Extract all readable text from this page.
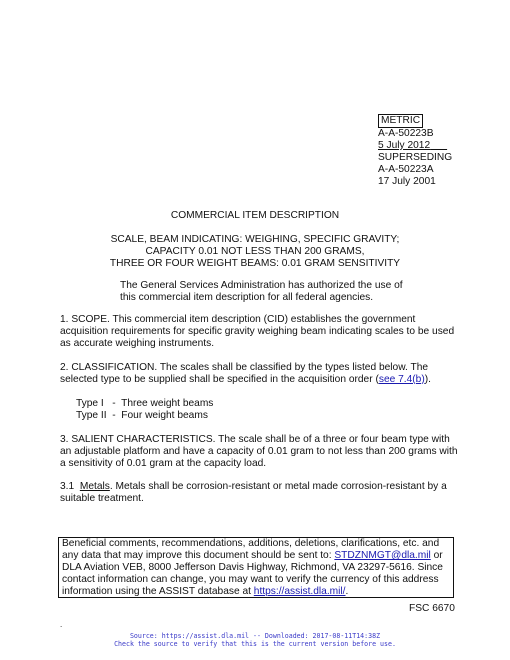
METRIC
A-A-50223B
5 July 2012
SUPERSEDING
A-A-50223A
17 July 2001
COMMERCIAL ITEM DESCRIPTION
SCALE, BEAM INDICATING: WEIGHING, SPECIFIC GRAVITY;
CAPACITY 0.01 NOT LESS THAN 200 GRAMS,
THREE OR FOUR WEIGHT BEAMS: 0.01 GRAM SENSITIVITY
The General Services Administration has authorized the use of this commercial item description for all federal agencies.
1. SCOPE. This commercial item description (CID) establishes the government acquisition requirements for specific gravity weighing beam indicating scales to be used as accurate weighing instruments.
2. CLASSIFICATION. The scales shall be classified by the types listed below. The selected type to be supplied shall be specified in the acquisition order (see 7.4(b)).
Type I   -  Three weight beams
Type II  -  Four weight beams
3. SALIENT CHARACTERISTICS. The scale shall be of a three or four beam type with an adjustable platform and have a capacity of 0.01 gram to not less than 200 grams with a sensitivity of 0.01 gram at the capacity load.
3.1 Metals. Metals shall be corrosion-resistant or metal made corrosion-resistant by a suitable treatment.
Beneficial comments, recommendations, additions, deletions, clarifications, etc. and any data that may improve this document should be sent to: STDZNMGT@dla.mil or DLA Aviation VEB, 8000 Jefferson Davis Highway, Richmond, VA 23297-5616. Since contact information can change, you may want to verify the currency of this address information using the ASSIST database at https://assist.dla.mil/.
FSC 6670
.
Source: https://assist.dla.mil -- Downloaded: 2017-08-11T14:38Z
Check the source to verify that this is the current version before use.
